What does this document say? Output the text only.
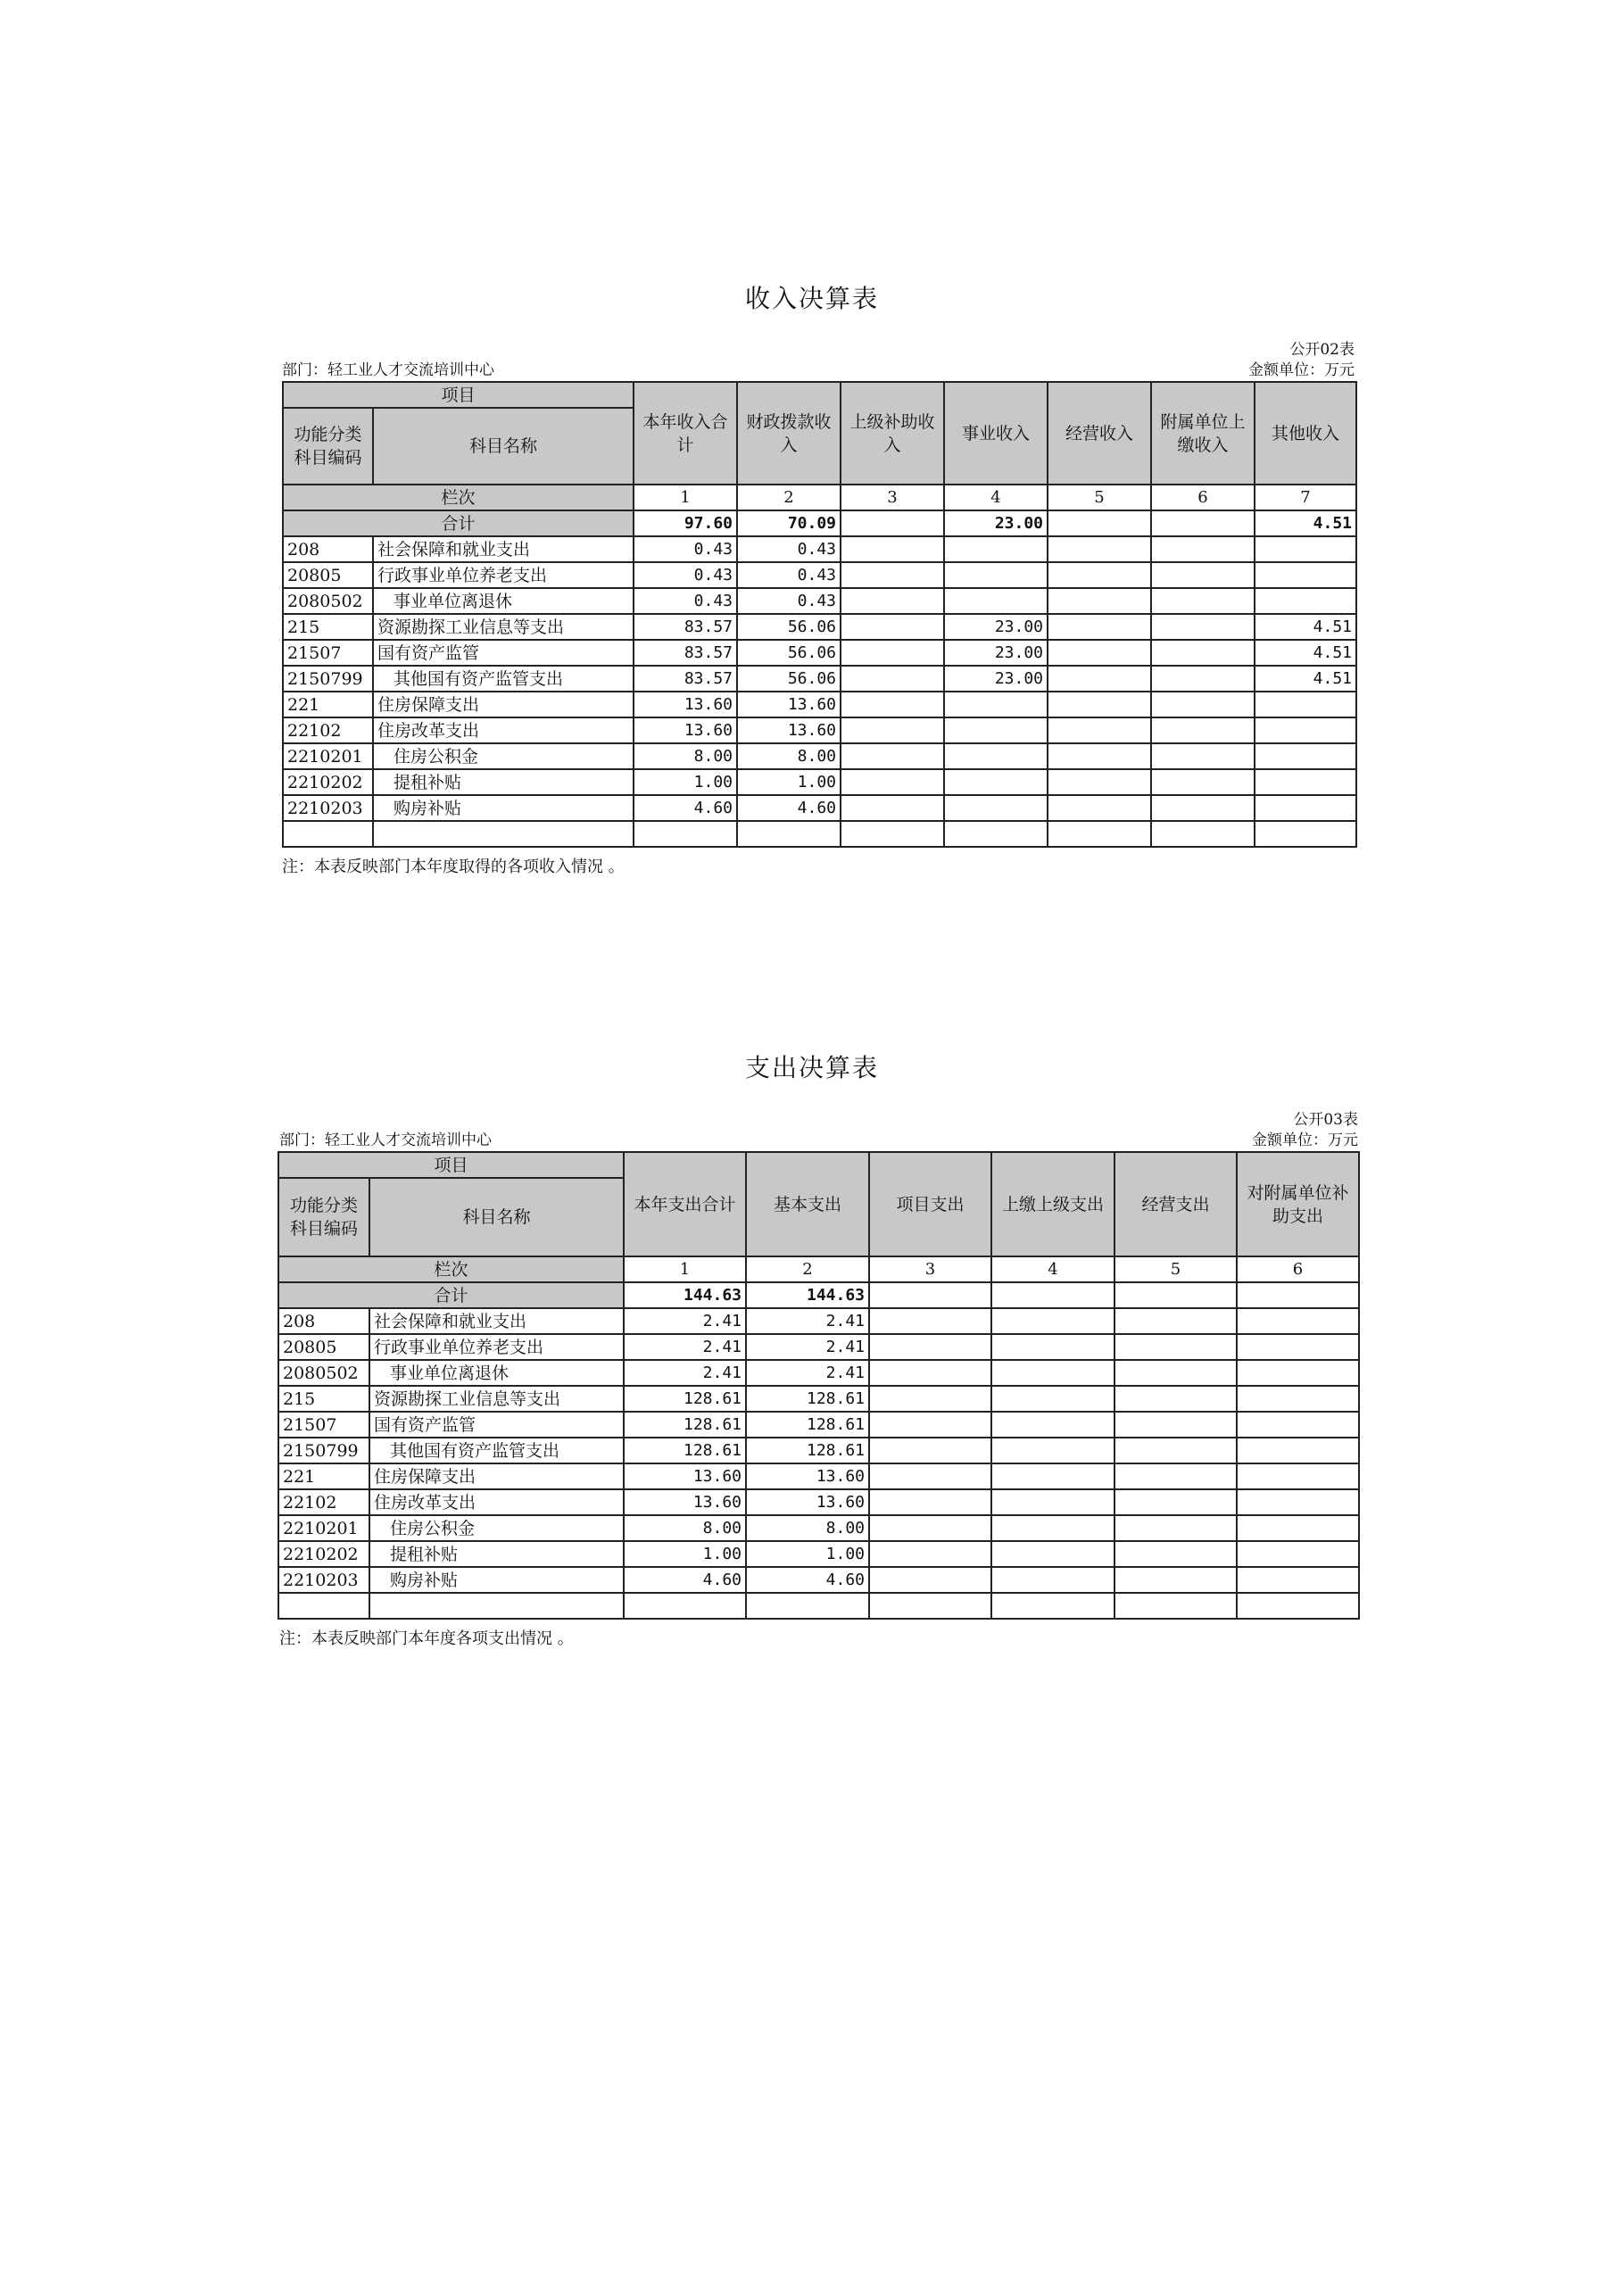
收入决算表
公开02表
部门：轻工业人才交流培训中心	金额单位：万元
项目		本年收入合计	财政拨款收入	上级补助收入	事业收入	经营收入	附属单位上缴收入	其他收入
功能分类科目编码	科目名称							
栏次		1	2	3	4	5	6	7
合计		97.60	70.09		23.00			4.51
208	社会保障和就业支出	0.43	0.43					
20805	行政事业单位养老支出	0.43	0.43					
2080502	事业单位离退休	0.43	0.43					
215	资源勘探工业信息等支出	83.57	56.06		23.00			4.51
21507	国有资产监管	83.57	56.06		23.00			4.51
2150799	其他国有资产监管支出	83.57	56.06		23.00			4.51
221	住房保障支出	13.60	13.60					
22102	住房改革支出	13.60	13.60					
2210201	住房公积金	8.00	8.00					
2210202	提租补贴	1.00	1.00					
2210203	购房补贴	4.60	4.60					

注：本表反映部门本年度取得的各项收入情况 。
支出决算表
公开03表
部门：轻工业人才交流培训中心	金额单位：万元
项目		本年支出合计	基本支出	项目支出	上缴上级支出	经营支出	对附属单位补助支出
功能分类科目编码	科目名称						
栏次		1	2	3	4	5	6
合计		144.63	144.63				
208	社会保障和就业支出	2.41	2.41				
20805	行政事业单位养老支出	2.41	2.41				
2080502	事业单位离退休	2.41	2.41				
215	资源勘探工业信息等支出	128.61	128.61				
21507	国有资产监管	128.61	128.61				
2150799	其他国有资产监管支出	128.61	128.61				
221	住房保障支出	13.60	13.60				
22102	住房改革支出	13.60	13.60				
2210201	住房公积金	8.00	8.00				
2210202	提租补贴	1.00	1.00				
2210203	购房补贴	4.60	4.60				

注：本表反映部门本年度各项支出情况 。
